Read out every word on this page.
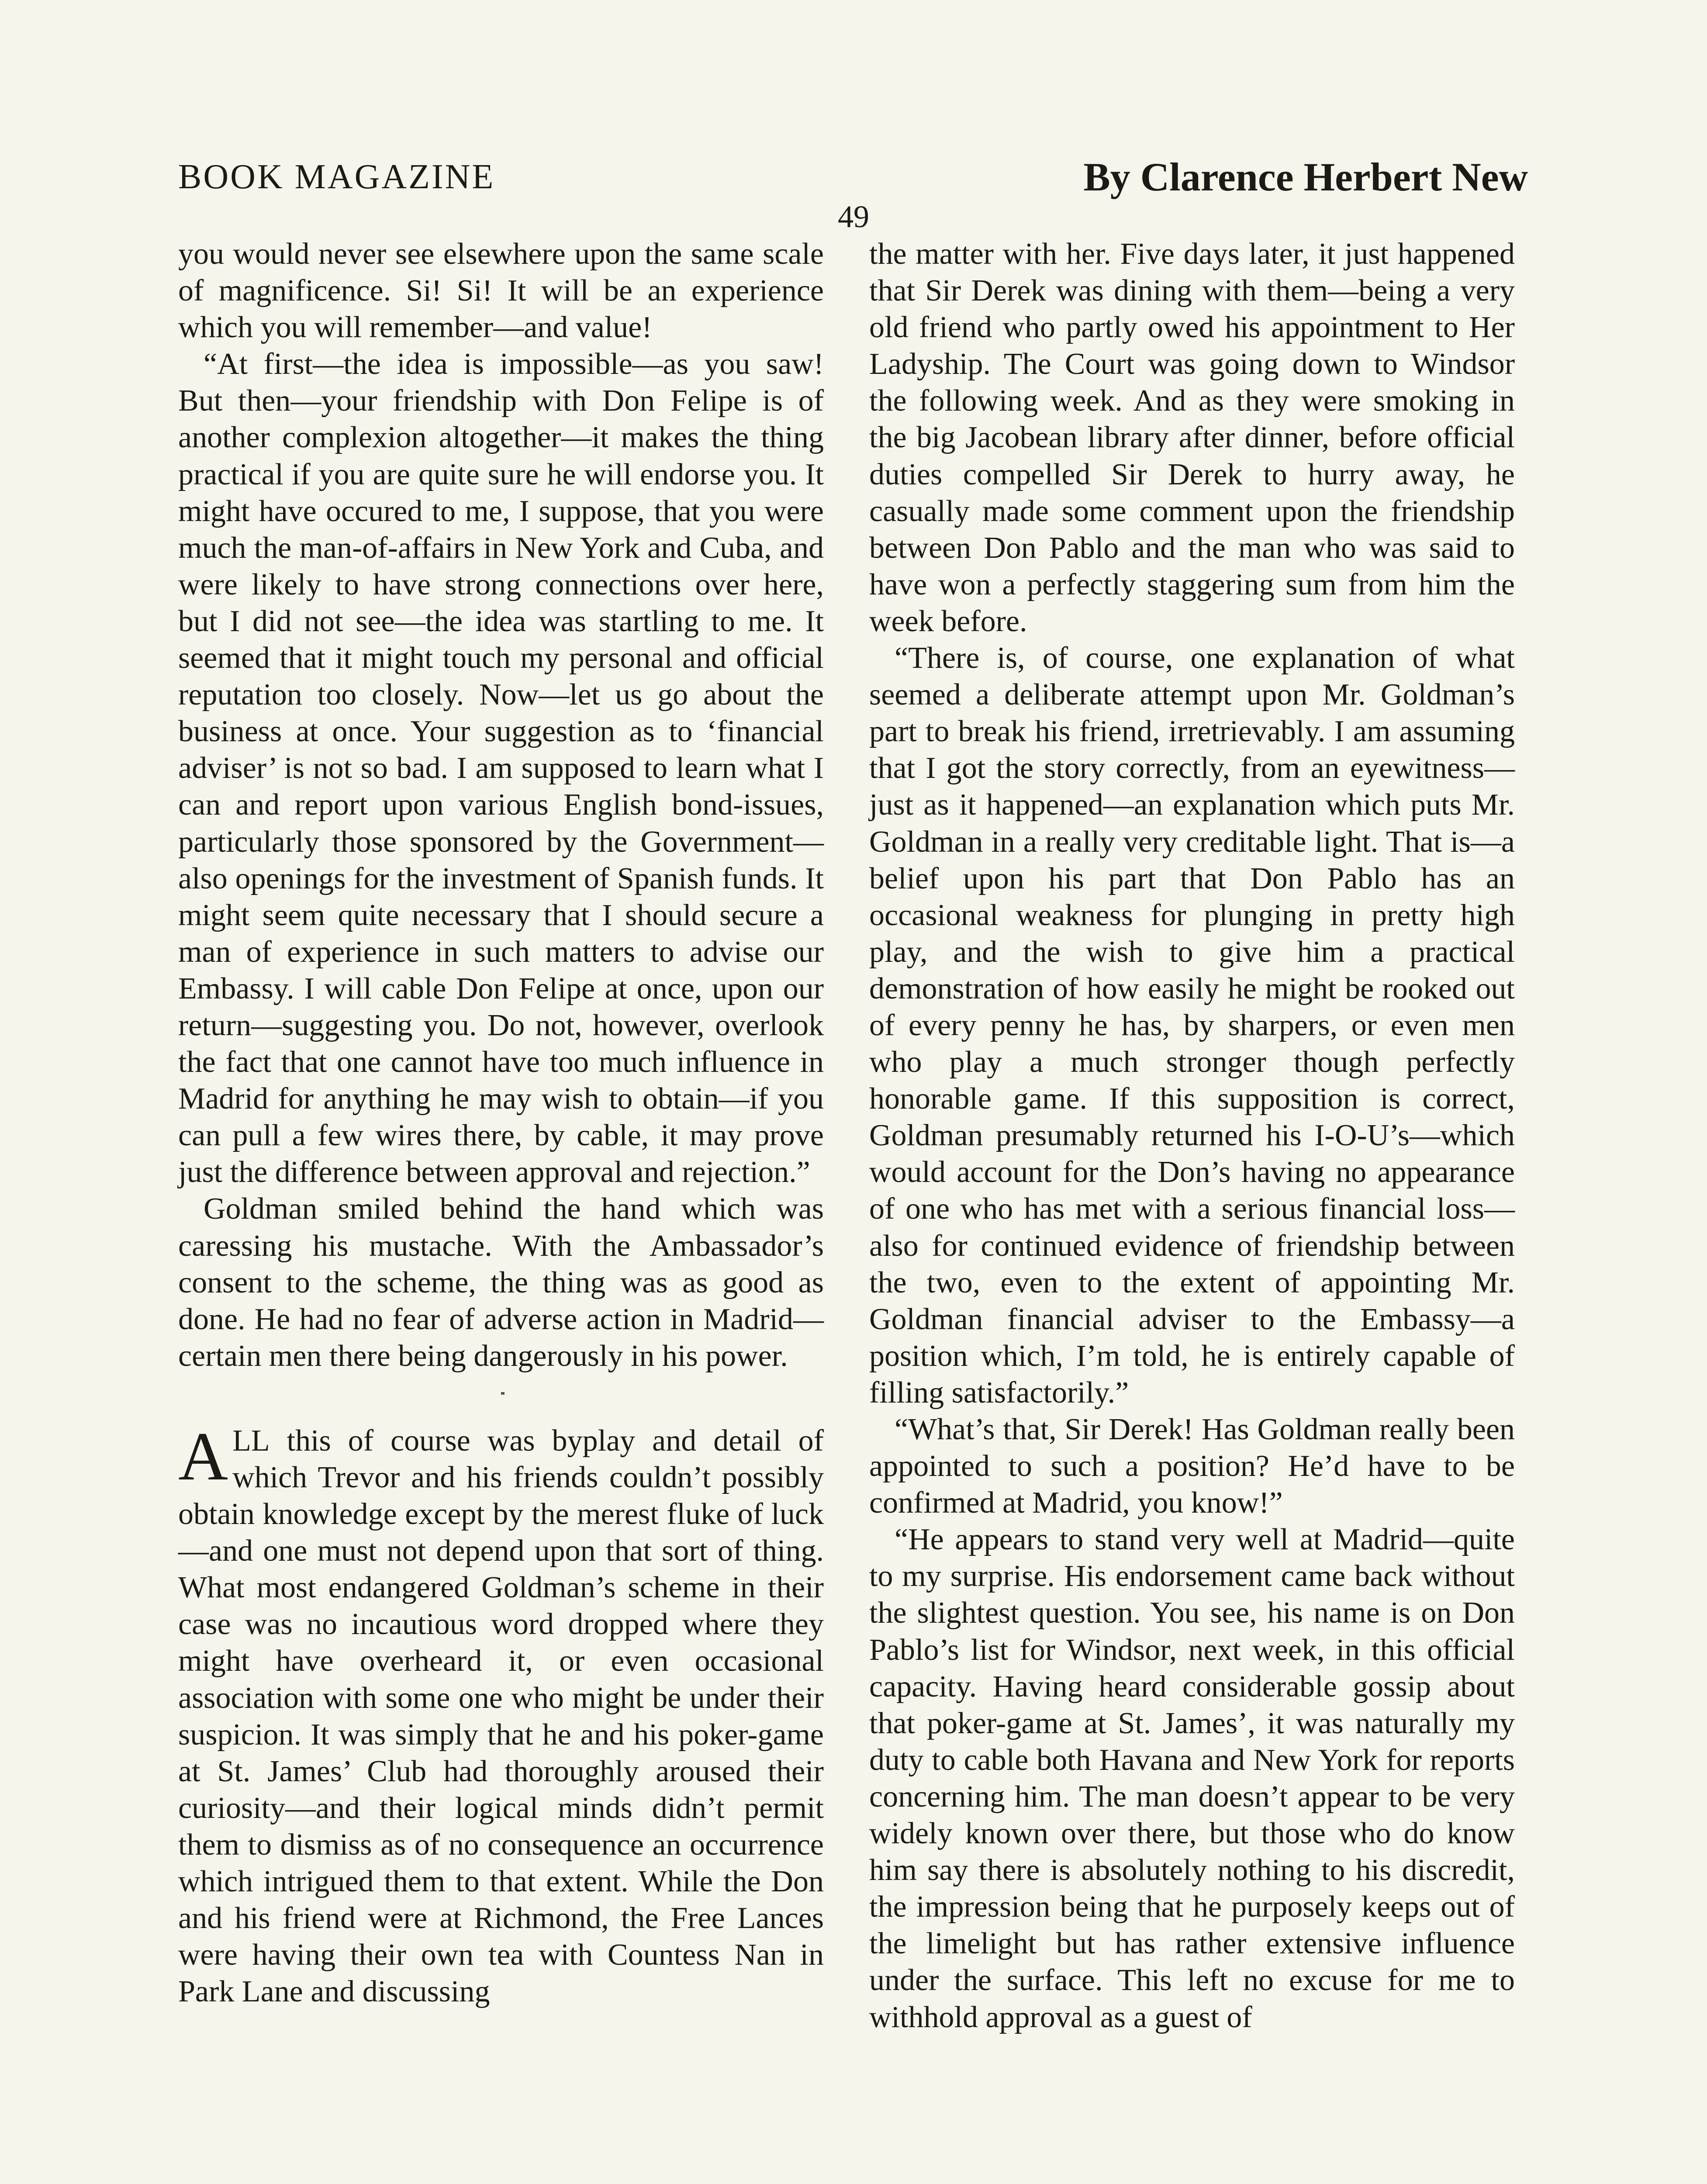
BOOK MAGAZINE	By Clarence Herbert New
49

you would never see elsewhere upon the same scale of magnificence. Si! Si! It will be an experience which you will remember—and value!

“At first—the idea is impossible—as you saw! But then—your friendship with Don Felipe is of another complexion altogether—it makes the thing practical if you are quite sure he will endorse you. It might have occured to me, I suppose, that you were much the man-of-affairs in New York and Cuba, and were likely to have strong connections over here, but I did not see—the idea was startling to me. It seemed that it might touch my personal and official reputation too closely. Now—let us go about the business at once. Your suggestion as to ‘financial adviser’ is not so bad. I am supposed to learn what I can and report upon various English bond-issues, particularly those sponsored by the Government—also openings for the investment of Spanish funds. It might seem quite necessary that I should secure a man of experience in such matters to advise our Embassy. I will cable Don Felipe at once, upon our return—suggesting you. Do not, however, overlook the fact that one cannot have too much influence in Madrid for anything he may wish to obtain—if you can pull a few wires there, by cable, it may prove just the difference between approval and rejection.”

Goldman smiled behind the hand which was caressing his mustache. With the Ambassador’s consent to the scheme, the thing was as good as done. He had no fear of adverse action in Madrid—certain men there being dangerously in his power.

ALL this of course was byplay and detail of which Trevor and his friends couldn’t possibly obtain knowledge except by the merest fluke of luck—and one must not depend upon that sort of thing. What most endangered Goldman’s scheme in their case was no incautious word dropped where they might have overheard it, or even occasional association with some one who might be under their suspicion. It was simply that he and his poker-game at St. James’ Club had thoroughly aroused their curiosity—and their logical minds didn’t permit them to dismiss as of no consequence an occurrence which intrigued them to that extent. While the Don and his friend were at Richmond, the Free Lances were having their own tea with Countess Nan in Park Lane and discussing

the matter with her. Five days later, it just happened that Sir Derek was dining with them—being a very old friend who partly owed his appointment to Her Ladyship. The Court was going down to Windsor the following week. And as they were smoking in the big Jacobean library after dinner, before official duties compelled Sir Derek to hurry away, he casually made some comment upon the friendship between Don Pablo and the man who was said to have won a perfectly staggering sum from him the week before.

“There is, of course, one explanation of what seemed a deliberate attempt upon Mr. Goldman’s part to break his friend, irretrievably. I am assuming that I got the story correctly, from an eyewitness—just as it happened—an explanation which puts Mr. Goldman in a really very creditable light. That is—a belief upon his part that Don Pablo has an occasional weakness for plunging in pretty high play, and the wish to give him a practical demonstration of how easily he might be rooked out of every penny he has, by sharpers, or even men who play a much stronger though perfectly honorable game. If this supposition is correct, Goldman presumably returned his I-O-U’s—which would account for the Don’s having no appearance of one who has met with a serious financial loss—also for continued evidence of friendship between the two, even to the extent of appointing Mr. Goldman financial adviser to the Embassy—a position which, I’m told, he is entirely capable of filling satisfactorily.”

“What’s that, Sir Derek! Has Goldman really been appointed to such a position? He’d have to be confirmed at Madrid, you know!”

“He appears to stand very well at Madrid—quite to my surprise. His endorsement came back without the slightest question. You see, his name is on Don Pablo’s list for Windsor, next week, in this official capacity. Having heard considerable gossip about that poker-game at St. James’, it was naturally my duty to cable both Havana and New York for reports concerning him. The man doesn’t appear to be very widely known over there, but those who do know him say there is absolutely nothing to his discredit, the impression being that he purposely keeps out of the limelight but has rather extensive influence under the surface. This left no excuse for me to withhold approval as a guest of
